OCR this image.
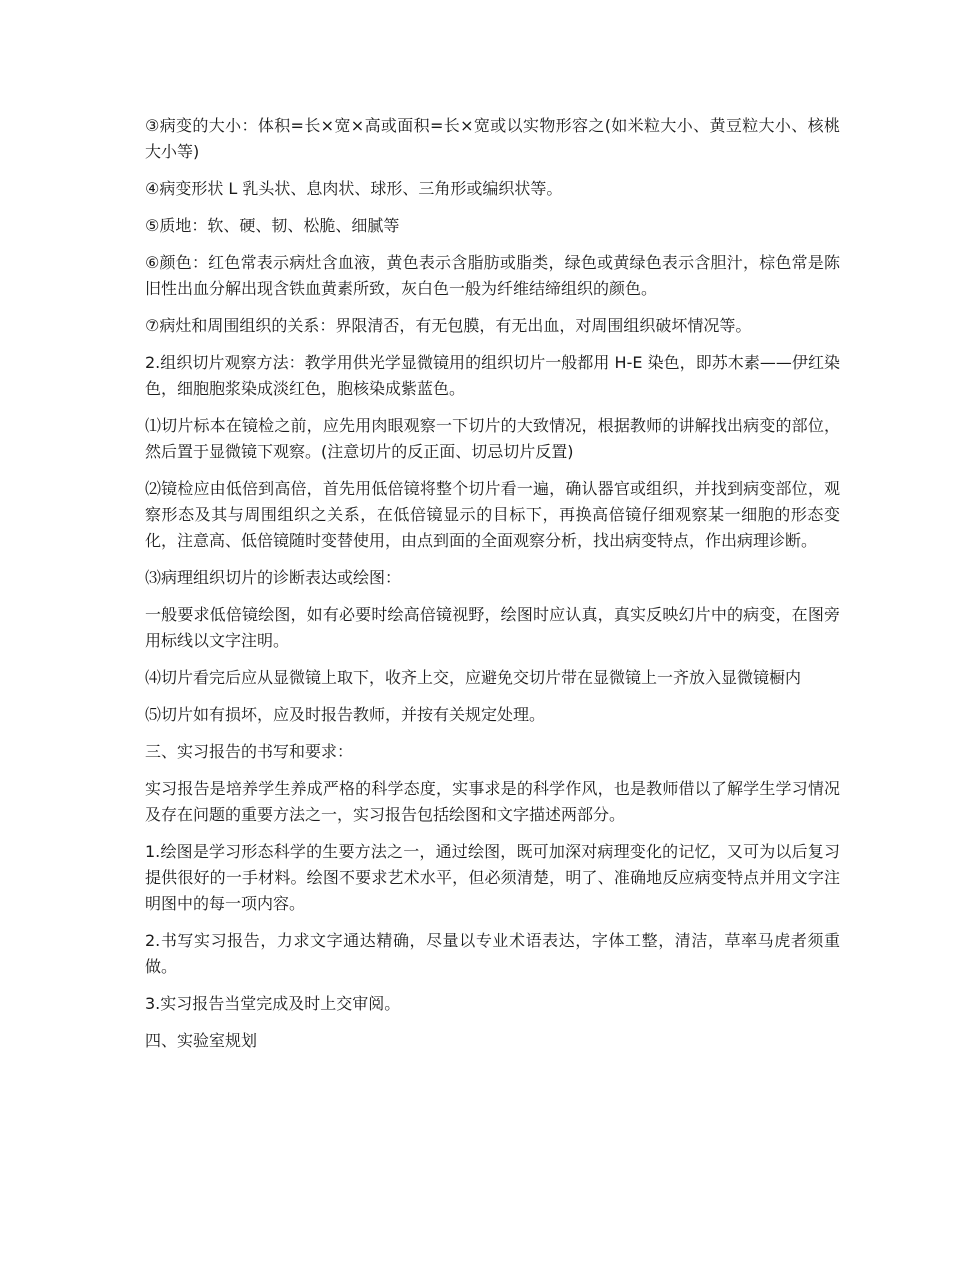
③病变的大小：体积=长×宽×高或面积=长×宽或以实物形容之(如米粒大小、黄豆粒大小、核桃大小等)

④病变形状 L 乳头状、息肉状、球形、三角形或编织状等。

⑤质地：软、硬、韧、松脆、细腻等

⑥颜色：红色常表示病灶含血液，黄色表示含脂肪或脂类，绿色或黄绿色表示含胆汁，棕色常是陈旧性出血分解出现含铁血黄素所致，灰白色一般为纤维结缔组织的颜色。

⑦病灶和周围组织的关系：界限清否，有无包膜，有无出血，对周围组织破坏情况等。

2.组织切片观察方法：教学用供光学显微镜用的组织切片一般都用 H-E 染色，即苏木素——伊红染色，细胞胞浆染成淡红色，胞核染成紫蓝色。

⑴切片标本在镜检之前，应先用肉眼观察一下切片的大致情况，根据教师的讲解找出病变的部位，然后置于显微镜下观察。(注意切片的反正面、切忌切片反置)

⑵镜检应由低倍到高倍，首先用低倍镜将整个切片看一遍，确认器官或组织，并找到病变部位，观察形态及其与周围组织之关系，在低倍镜显示的目标下，再换高倍镜仔细观察某一细胞的形态变化，注意高、低倍镜随时变替使用，由点到面的全面观察分析，找出病变特点，作出病理诊断。

⑶病理组织切片的诊断表达或绘图：

一般要求低倍镜绘图，如有必要时绘高倍镜视野，绘图时应认真，真实反映幻片中的病变，在图旁用标线以文字注明。

⑷切片看完后应从显微镜上取下，收齐上交，应避免交切片带在显微镜上一齐放入显微镜橱内

⑸切片如有损坏，应及时报告教师，并按有关规定处理。

三、实习报告的书写和要求：

实习报告是培养学生养成严格的科学态度，实事求是的科学作风，也是教师借以了解学生学习情况及存在问题的重要方法之一，实习报告包括绘图和文字描述两部分。

1.绘图是学习形态科学的生要方法之一，通过绘图，既可加深对病理变化的记忆，又可为以后复习提供很好的一手材料。绘图不要求艺术水平，但必须清楚，明了、准确地反应病变特点并用文字注明图中的每一项内容。

2.书写实习报告，力求文字通达精确，尽量以专业术语表达，字体工整，清洁，草率马虎者须重做。

3.实习报告当堂完成及时上交审阅。

四、实验室规划
